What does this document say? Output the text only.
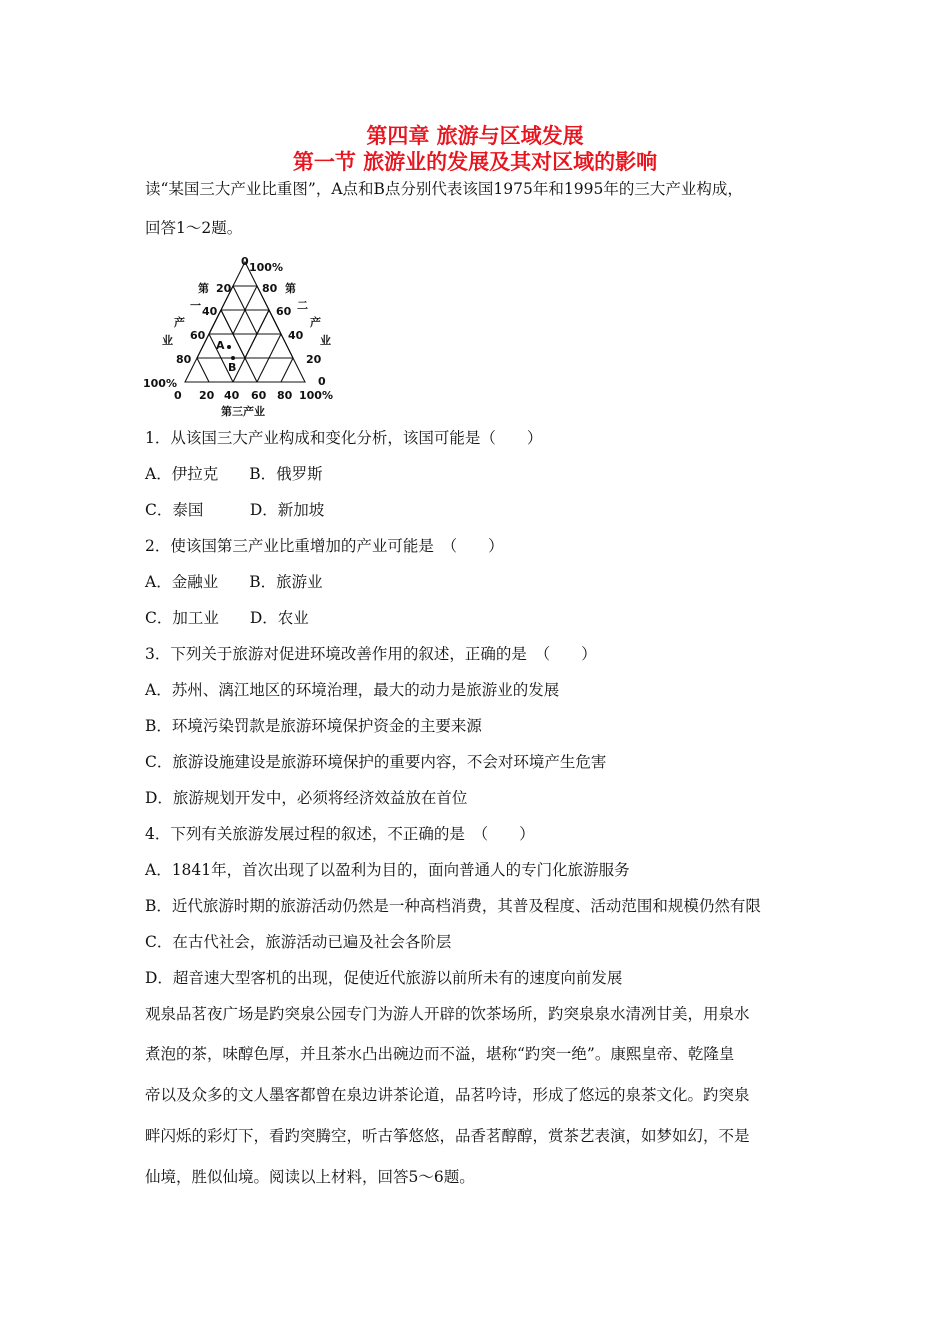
第四章 旅游与区域发展
第一节 旅游业的发展及其对区域的影响
读“某国三大产业比重图”，A点和B点分别代表该国1975年和1995年的三大产业构成，
回答1～2题。
A
B
0 100%
20
40
60
80
第
一
产
业
80
60
40
20
第
二
产
业
100%	0
0 20 40 60 80 100%
第三产业
1．从该国三大产业构成和变化分析，该国可能是（　　）
A．伊拉克　　B．俄罗斯
C．泰国　　　D．新加坡
2．使该国第三产业比重增加的产业可能是　（　　）
A．金融业　　B．旅游业
C．加工业　　D．农业
3．下列关于旅游对促进环境改善作用的叙述，正确的是　（　　）
A．苏州、漓江地区的环境治理，最大的动力是旅游业的发展
B．环境污染罚款是旅游环境保护资金的主要来源
C．旅游设施建设是旅游环境保护的重要内容，不会对环境产生危害
D．旅游规划开发中，必须将经济效益放在首位
4．下列有关旅游发展过程的叙述，不正确的是　（　　）
A．1841年，首次出现了以盈利为目的，面向普通人的专门化旅游服务
B．近代旅游时期的旅游活动仍然是一种高档消费，其普及程度、活动范围和规模仍然有限
C．在古代社会，旅游活动已遍及社会各阶层
D．超音速大型客机的出现，促使近代旅游以前所未有的速度向前发展
观泉品茗夜广场是趵突泉公园专门为游人开辟的饮茶场所，趵突泉泉水清冽甘美，用泉水
煮泡的茶，味醇色厚，并且茶水凸出碗边而不溢，堪称“趵突一绝”。康熙皇帝、乾隆皇
帝以及众多的文人墨客都曾在泉边讲茶论道，品茗吟诗，形成了悠远的泉茶文化。趵突泉
畔闪烁的彩灯下，看趵突腾空，听古筝悠悠，品香茗醇醇，赏茶艺表演，如梦如幻，不是
仙境，胜似仙境。阅读以上材料，回答5～6题。
